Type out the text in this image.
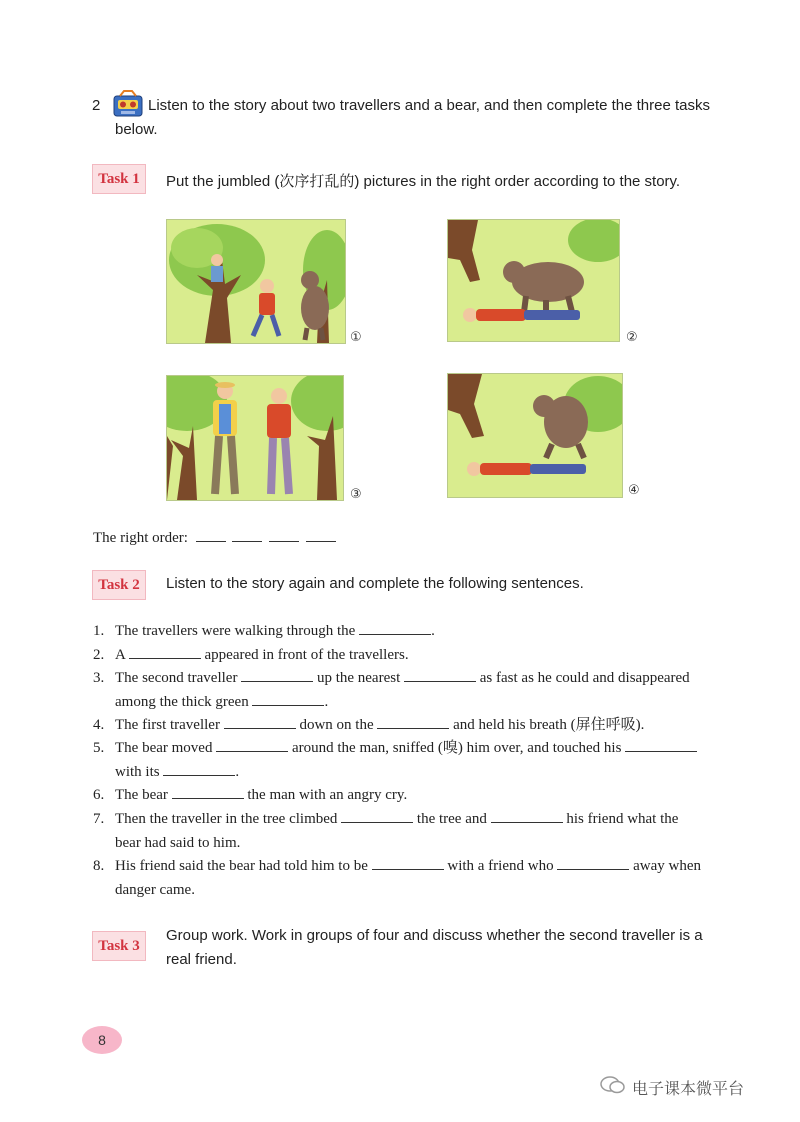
2	Listen to the story about two travellers and a bear, and then complete the three tasks
below.
Task 1	Put the jumbled (次序打乱的) pictures in the right order according to the story.
①	②
③	④
The right order:
Task 2	Listen to the story again and complete the following sentences.
1. The travellers were walking through the	.
2. A	appeared in front of the travellers.
3. The second traveller	up the nearest	as fast as he could and disappeared
among the thick green	.
4. The first traveller	down on the	and held his breath (屏住呼吸).
5. The bear moved	around the man, sniffed (嗅) him over, and touched his
with its	.
6. The bear	the man with an angry cry.
7. Then the traveller in the tree climbed	the tree and	his friend what the
bear had said to him.
8. His friend said the bear had told him to be	with a friend who	away when
danger came.
Task 3
Group work. Work in groups of four and discuss whether the second traveller is a
real friend.
8
电子课本微平台
